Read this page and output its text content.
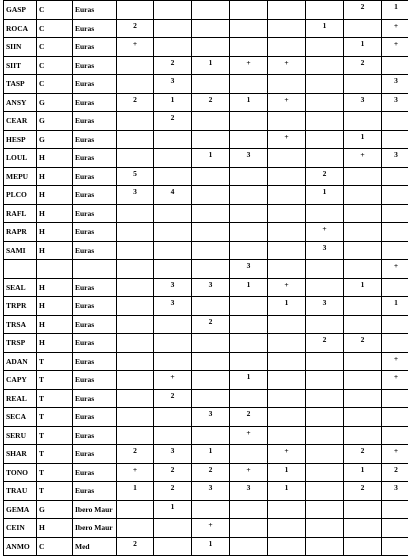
GASP	C	Euras							2	1
ROCA	C	Euras	2					1		+
SIIN	C	Euras	+						1	+
SIIT	C	Euras		2	1	+	+		2	
TASP	C	Euras		3						3
ANSY	G	Euras	2	1	2	1	+		3	3
CEAR	G	Euras		2						
HESP	G	Euras					+		1	
LOUL	H	Euras			1	3			+	3
MEPU	H	Euras	5					2		
PLCO	H	Euras	3	4				1		
RAFL	H	Euras								
RAPR	H	Euras						+		
SAMI	H	Euras						3		
						3				+
SEAL	H	Euras		3	3	1	+		1	
TRPR	H	Euras		3			1	3		1
TRSA	H	Euras			2					
TRSP	H	Euras						2	2	
ADAN	T	Euras								+
CAPY	T	Euras		+		1				+
REAL	T	Euras		2						
SECA	T	Euras			3	2				
SERU	T	Euras				+				
SHAR	T	Euras	2	3	1		+		2	+
TONO	T	Euras	+	2	2	+	1		1	2
TRAU	T	Euras	1	2	3	3	1		2	3
GEMA	G	Ibero Maur		1						
CEIN	H	Ibero Maur			+					
ANMO	C	Med	2		1					
